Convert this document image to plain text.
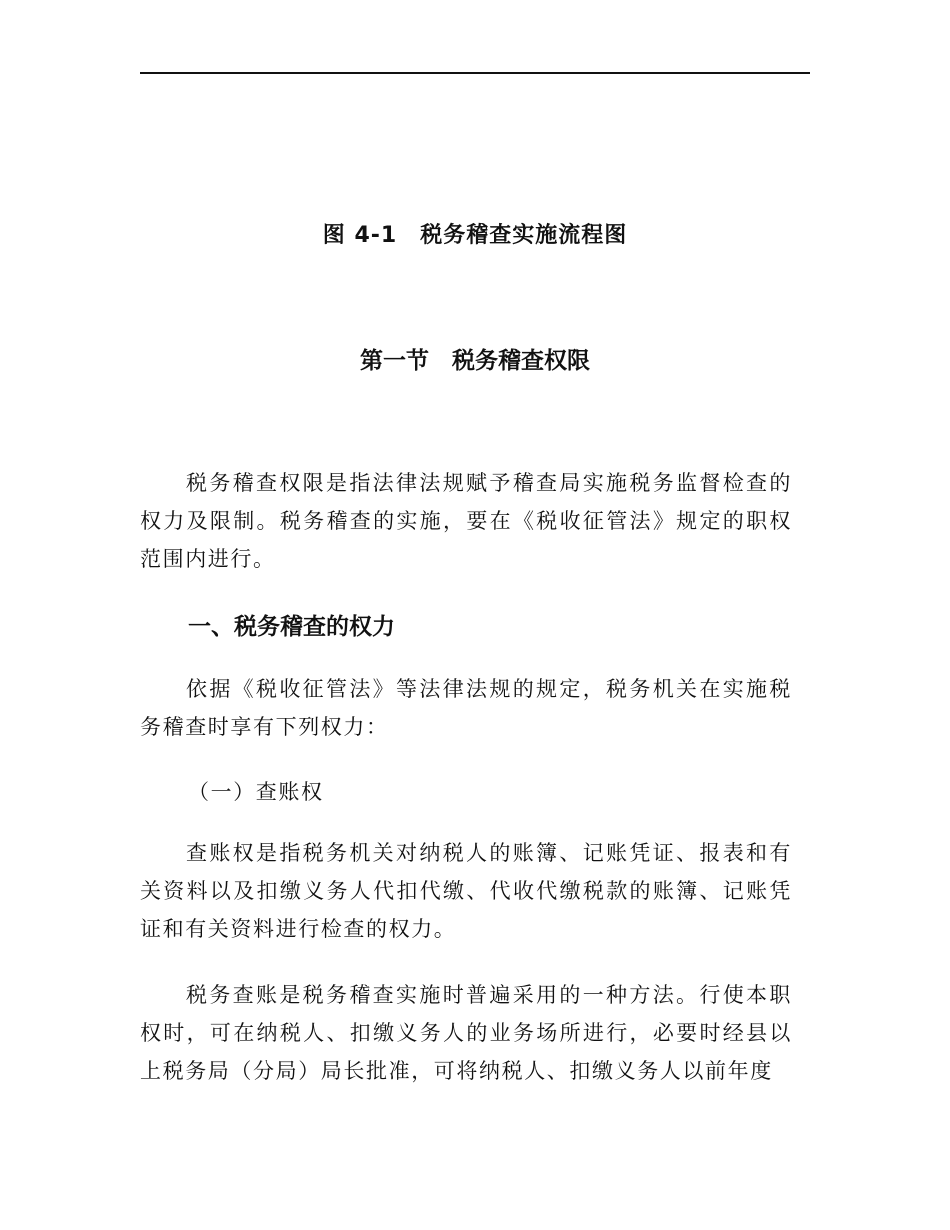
图 4-1　税务稽查实施流程图
第一节　税务稽查权限

税务稽查权限是指法律法规赋予稽查局实施税务监督检查的权力及限制。税务稽查的实施，要在《税收征管法》规定的职权范围内进行。

一、税务稽查的权力

依据《税收征管法》等法律法规的规定，税务机关在实施税务稽查时享有下列权力：

（一）查账权

查账权是指税务机关对纳税人的账簿、记账凭证、报表和有关资料以及扣缴义务人代扣代缴、代收代缴税款的账簿、记账凭证和有关资料进行检查的权力。

税务查账是税务稽查实施时普遍采用的一种方法。行使本职权时，可在纳税人、扣缴义务人的业务场所进行，必要时经县以上税务局（分局）局长批准，可将纳税人、扣缴义务人以前年度
